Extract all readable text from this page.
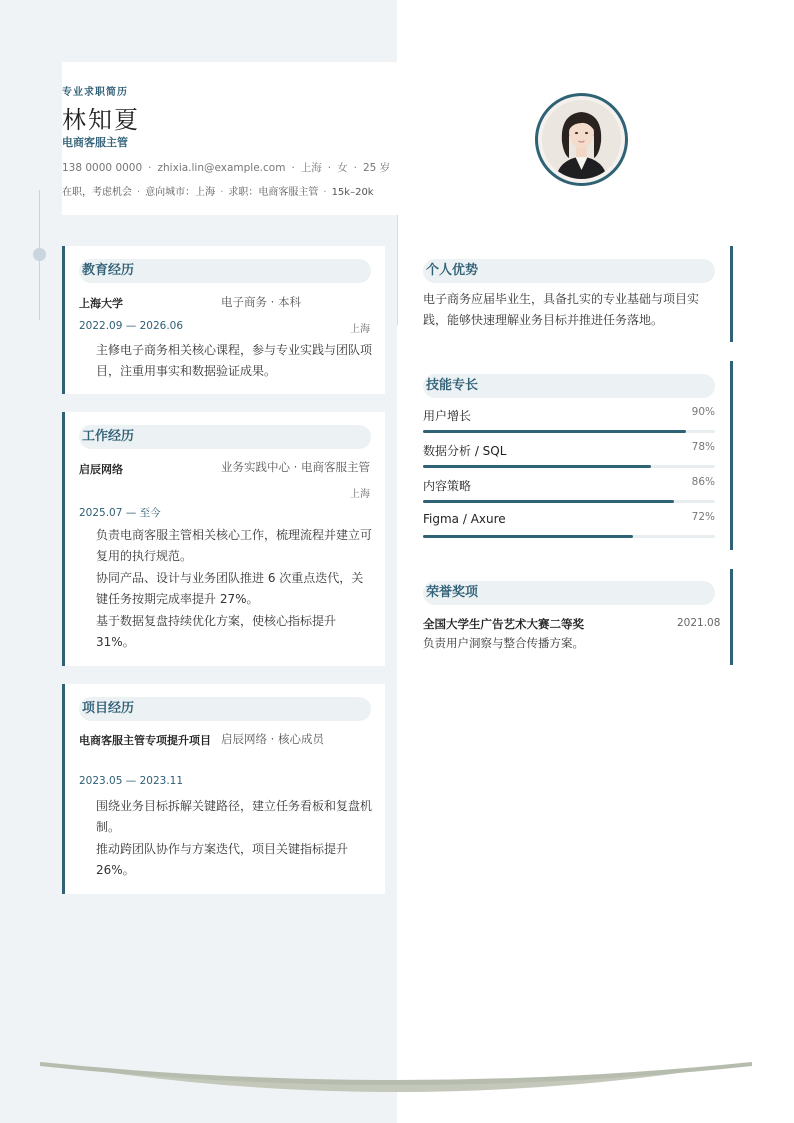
专业求职简历
林知夏
电商客服主管
138 0000 0000 · zhixia.lin@example.com · 上海 · 女 · 25 岁
在职，考虑机会 · 意向城市：上海 · 求职：电商客服主管 · 15k–20k
教育经历
上海大学	电子商务 · 本科
2022.09 — 2026.06	上海
主修电子商务相关核心课程，参与专业实践与团队项目，注重用事实和数据验证成果。
工作经历
启辰网络	业务实践中心 · 电商客服主管
上海
2025.07 — 至今
负责电商客服主管相关核心工作，梳理流程并建立可复用的执行规范。
协同产品、设计与业务团队推进 6 次重点迭代，关键任务按期完成率提升 27%。
基于数据复盘持续优化方案，使核心指标提升 31%。
项目经历
电商客服主管专项提升项目 启辰网络 · 核心成员
2023.05 — 2023.11
围绕业务目标拆解关键路径，建立任务看板和复盘机制。
推动跨团队协作与方案迭代，项目关键指标提升 26%。
个人优势
电子商务应届毕业生，具备扎实的专业基础与项目实践，能够快速理解业务目标并推进任务落地。
技能专长
用户增长	90%
数据分析 / SQL	78%
内容策略	86%
Figma / Axure	72%
荣誉奖项
全国大学生广告艺术大赛二等奖	2021.08
负责用户洞察与整合传播方案。
